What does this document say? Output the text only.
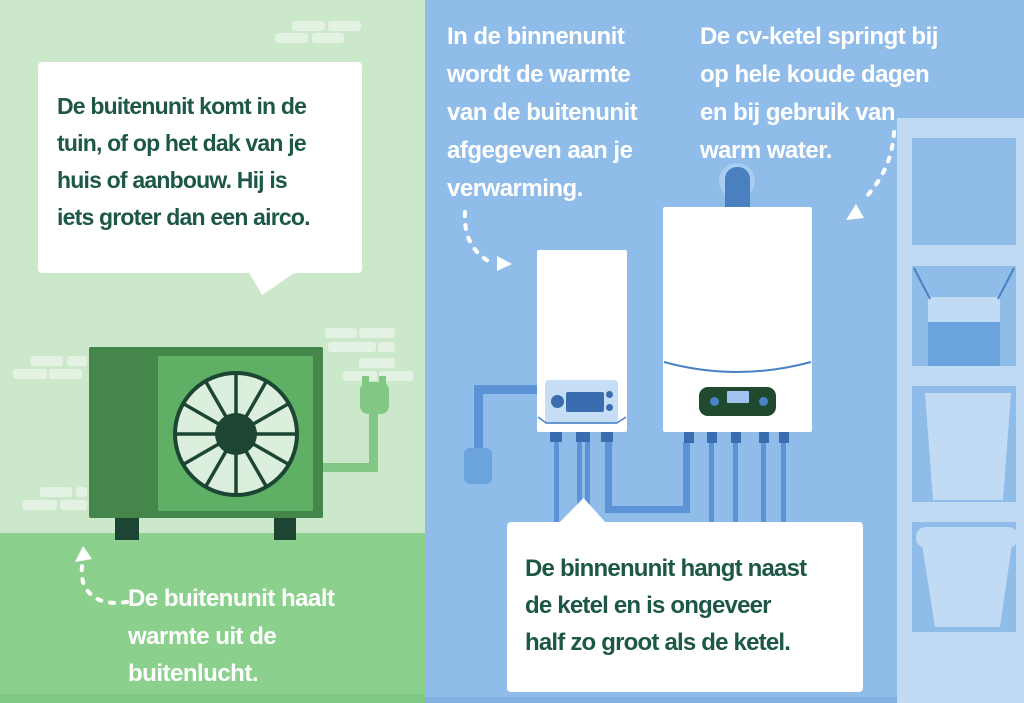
De buitenunit komt in de
tuin, of op het dak van je
huis of aanbouw. Hij is
iets groter dan een airco.
De buitenunit haalt
warmte uit de
buitenlucht.
In de binnenunit
wordt de warmte
van de buitenunit
afgegeven aan je
verwarming.
De cv-ketel springt bij
op hele koude dagen
en bij gebruik van
warm water.
De binnenunit hangt naast
de ketel en is ongeveer
half zo groot als de ketel.
